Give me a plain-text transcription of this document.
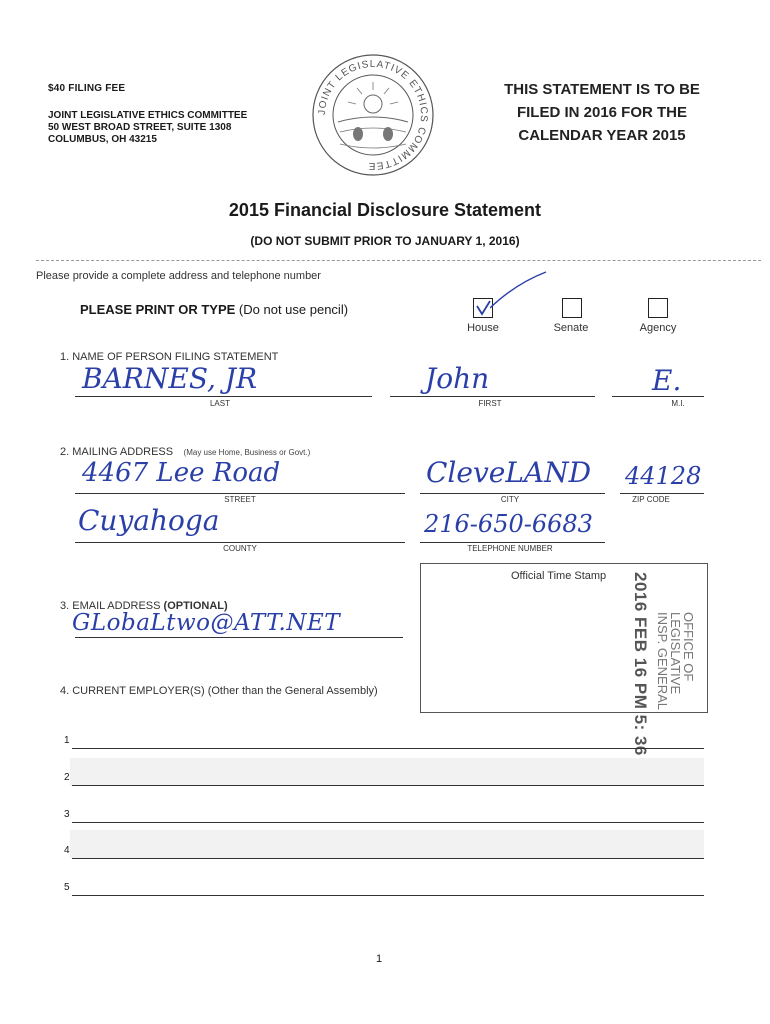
$40 FILING FEE
JOINT LEGISLATIVE ETHICS COMMITTEE
50 WEST BROAD STREET, SUITE 1308
COLUMBUS, OH 43215
JOINT LEGISLATIVE ETHICS COMMITTEE
THIS STATEMENT IS TO BE
FILED IN 2016 FOR THE
CALENDAR YEAR 2015
2015 Financial Disclosure Statement
(DO NOT SUBMIT PRIOR TO JANUARY 1, 2016)
Please provide a complete address and telephone number
PLEASE PRINT OR TYPE (Do not use pencil)
House	Senate	Agency
1. NAME OF PERSON FILING STATEMENT
BARNES, JR
LAST
John
FIRST
E.
M.I.
2. MAILING ADDRESS (May use Home, Business or Govt.)
4467 Lee Road
STREET
CleveLAND
CITY
44128
ZIP CODE
Cuyahoga
COUNTY
216-650-6683
TELEPHONE NUMBER
Official Time Stamp 2016 FEB 16 PM 5: 36 OFFICE OF
LEGISLATIVE
INSP. GENERAL
3. EMAIL ADDRESS (OPTIONAL)
GLobaLtwo@ATT.NET
4. CURRENT EMPLOYER(S) (Other than the General Assembly)
1
2
3
4
5
1
